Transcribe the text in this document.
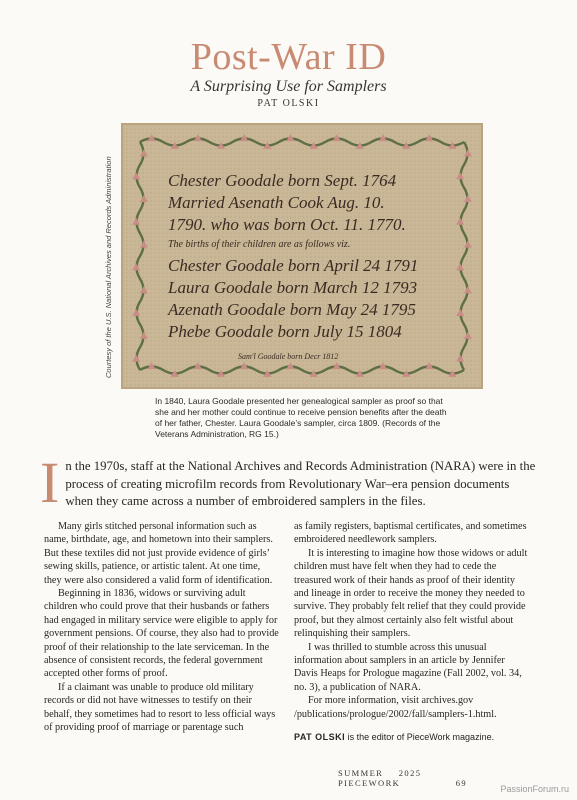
Post-War ID
A Surprising Use for Samplers
PAT OLSKI
Courtesy of the U.S. National Archives and Records Administration	Chester Goodale born Sept. 1764
Married Asenath Cook Aug. 10.
1790. who was born Oct. 11. 1770.
The births of their children are as follows viz.
Chester Goodale born April 24 1791
Laura Goodale born March 12 1793
Azenath Goodale born May 24 1795
Phebe Goodale born July 15 1804
Sam'l Goodale born Decr 1812
In 1840, Laura Goodale presented her genealogical sampler as proof so that she and her mother could continue to receive pension benefits after the death of her father, Chester. Laura Goodale’s sampler, circa 1809. (Records of the Veterans Administration, RG 15.)
I n the 1970s, staff at the National Archives and Records Administration (NARA) were in the process of creating microfilm records from Revolutionary War–era pension documents when they came across a number of embroidered samplers in the files.

Many girls stitched personal information such as name, birthdate, age, and hometown into their samplers. But these textiles did not just provide evidence of girls’ sewing skills, patience, or artistic talent. At one time, they were also considered a valid form of identification.

Beginning in 1836, widows or surviving adult children who could prove that their husbands or fathers had engaged in military service were eligible to apply for government pensions. Of course, they also had to provide proof of their relationship to the late serviceman. In the absence of consistent records, the federal government accepted other forms of proof.

If a claimant was unable to produce old military records or did not have witnesses to testify on their behalf, they sometimes had to resort to less official ways of providing proof of marriage or parentage such

as family registers, baptismal certificates, and sometimes embroidered needlework samplers.

It is interesting to imagine how those widows or adult children must have felt when they had to cede the treasured work of their hands as proof of their identity and lineage in order to receive the money they needed to survive. They probably felt relief that they could provide proof, but they almost certainly also felt wistful about relinquishing their samplers.

I was thrilled to stumble across this unusual information about samplers in an article by Jennifer Davis Heaps for Prologue magazine (Fall 2002, vol. 34, no. 3), a publication of NARA.

For more information, visit archives.gov /publications/prologue/2002/fall/samplers-1.html.

PAT OLSKI is the editor of PieceWork magazine.

SUMMER 2025 PIECEWORK	69
PassionForum.ru
